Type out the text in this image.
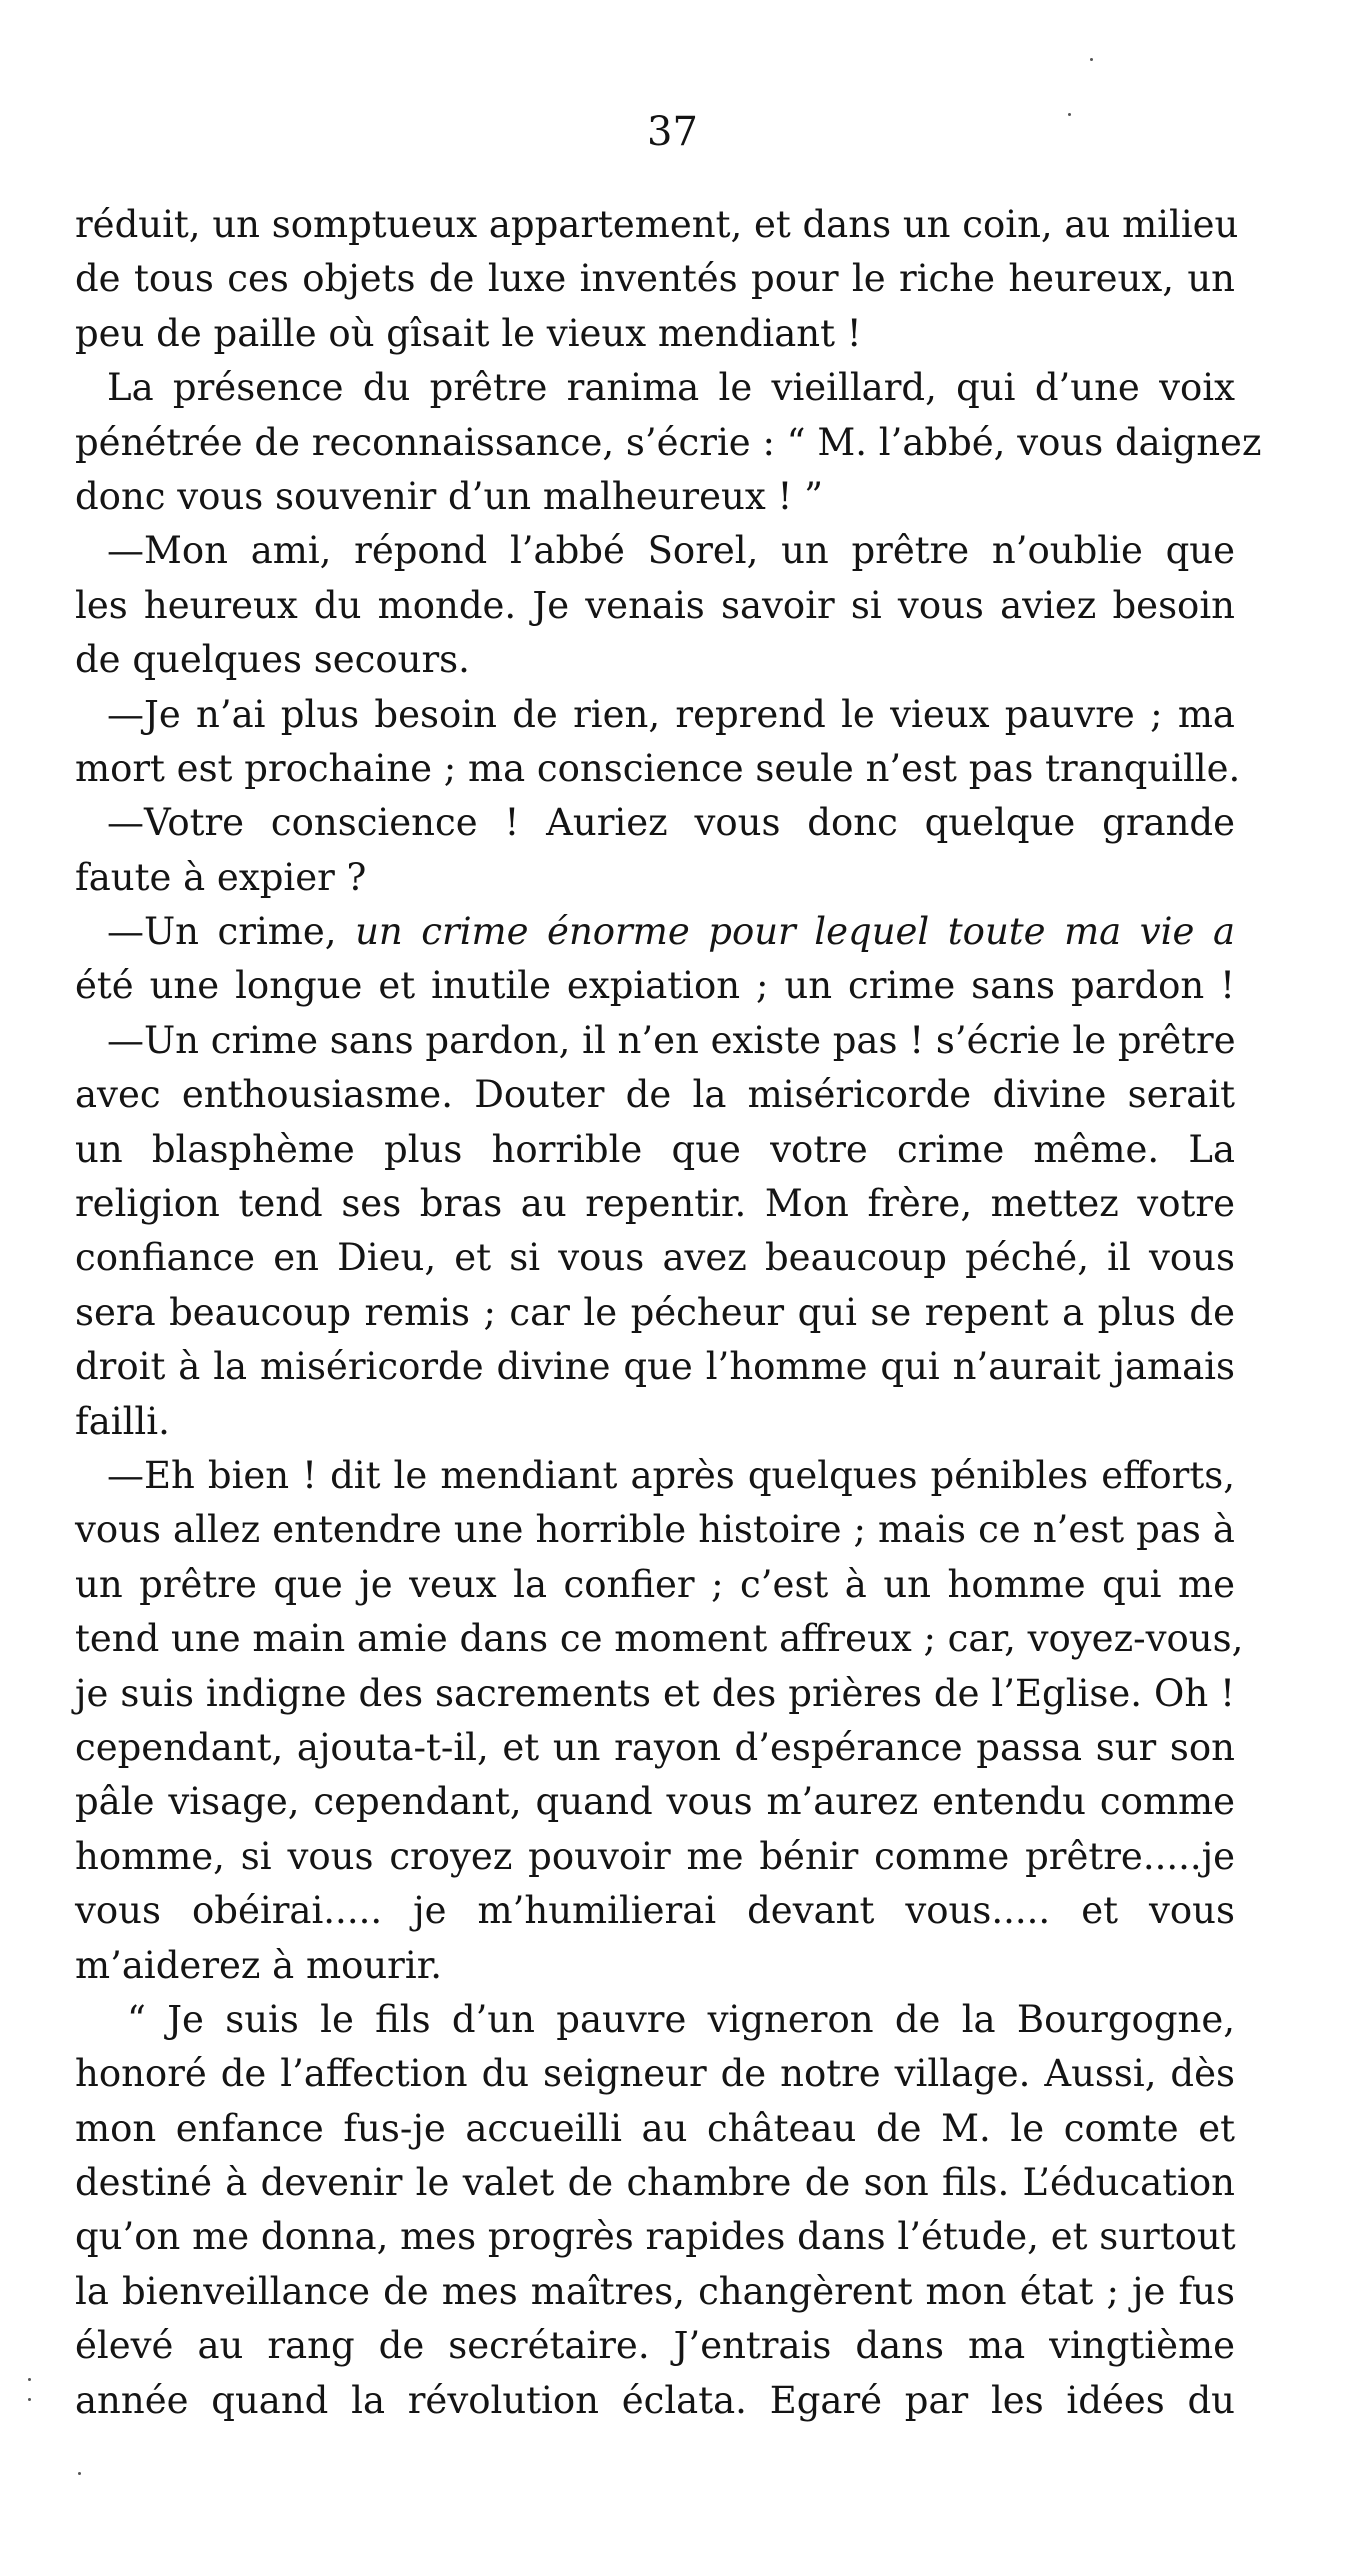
37
réduit, un somptueux appartement, et dans un coin, au milieu
de tous ces objets de luxe inventés pour le riche heureux, un
peu de paille où gîsait le vieux mendiant !
La présence du prêtre ranima le vieillard, qui d’une voix
pénétrée de reconnaissance, s’écrie : “ M. l’abbé, vous daignez
donc vous souvenir d’un malheureux ! ”
—Mon ami, répond l’abbé Sorel, un prêtre n’oublie que
les heureux du monde. Je venais savoir si vous aviez besoin
de quelques secours.
—Je n’ai plus besoin de rien, reprend le vieux pauvre ; ma
mort est prochaine ; ma conscience seule n’est pas tranquille.
—Votre conscience ! Auriez vous donc quelque grande
faute à expier ?
—Un crime, un crime énorme pour lequel toute ma vie a
été une longue et inutile expiation ; un crime sans pardon !
—Un crime sans pardon, il n’en existe pas ! s’écrie le prêtre
avec enthousiasme. Douter de la miséricorde divine serait
un blasphème plus horrible que votre crime même. La
religion tend ses bras au repentir. Mon frère, mettez votre
confiance en Dieu, et si vous avez beaucoup péché, il vous
sera beaucoup remis ; car le pécheur qui se repent a plus de
droit à la miséricorde divine que l’homme qui n’aurait jamais
failli.
—Eh bien ! dit le mendiant après quelques pénibles efforts,
vous allez entendre une horrible histoire ; mais ce n’est pas à
un prêtre que je veux la confier ; c’est à un homme qui me
tend une main amie dans ce moment affreux ; car, voyez-vous,
je suis indigne des sacrements et des prières de l’Eglise. Oh !
cependant, ajouta-t-il, et un rayon d’espérance passa sur son
pâle visage, cependant, quand vous m’aurez entendu comme
homme, si vous croyez pouvoir me bénir comme prêtre.....je
vous obéirai..... je m’humilierai devant vous..... et vous
m’aiderez à mourir.
“ Je suis le fils d’un pauvre vigneron de la Bourgogne,
honoré de l’affection du seigneur de notre village. Aussi, dès
mon enfance fus-je accueilli au château de M. le comte et
destiné à devenir le valet de chambre de son fils. L’éducation
qu’on me donna, mes progrès rapides dans l’étude, et surtout
la bienveillance de mes maîtres, changèrent mon état ; je fus
élevé au rang de secrétaire. J’entrais dans ma vingtième
année quand la révolution éclata. Egaré par les idées du
